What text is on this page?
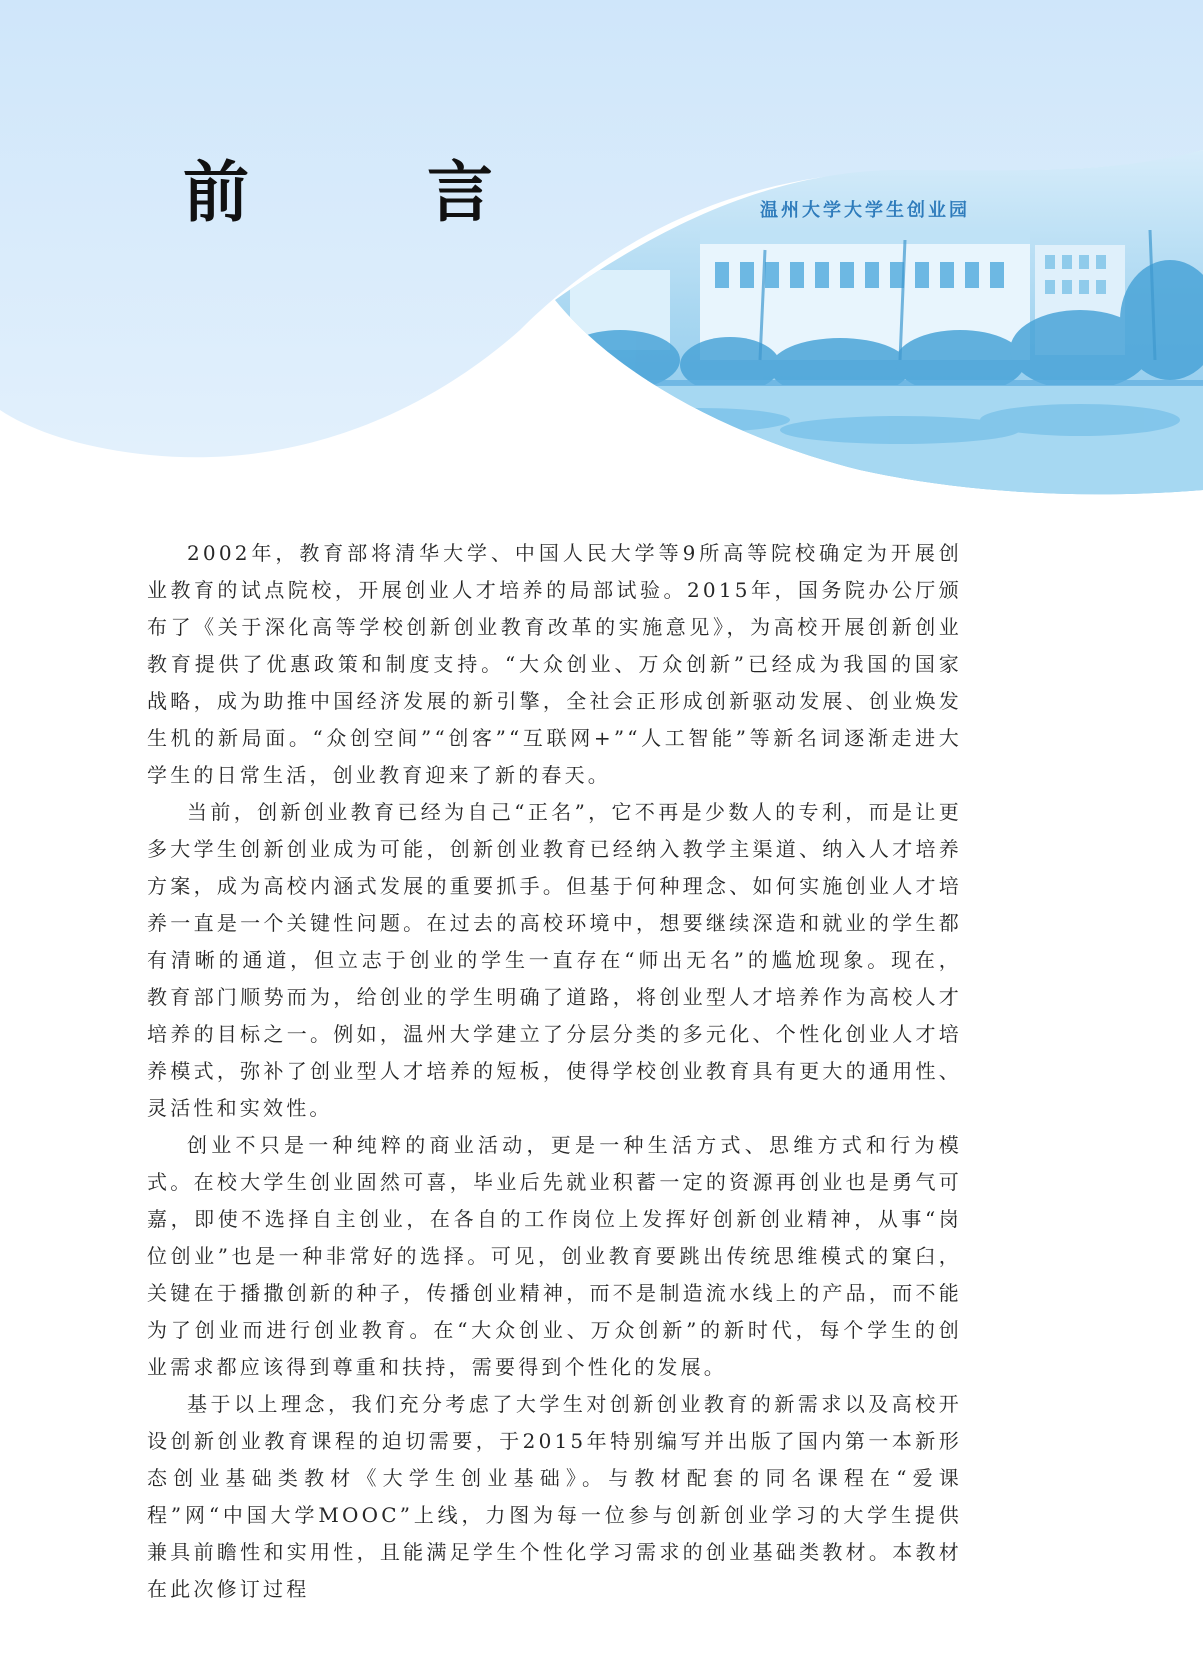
温州大学大学生创业园
前　言

2002年，教育部将清华大学、中国人民大学等9所高等院校确定为开展创业教育的试点院校，开展创业人才培养的局部试验。2015年，国务院办公厅颁布了《关于深化高等学校创新创业教育改革的实施意见》，为高校开展创新创业教育提供了优惠政策和制度支持。“大众创业、万众创新”已经成为我国的国家战略，成为助推中国经济发展的新引擎，全社会正形成创新驱动发展、创业焕发生机的新局面。“众创空间”“创客”“互联网+”“人工智能”等新名词逐渐走进大学生的日常生活，创业教育迎来了新的春天。

当前，创新创业教育已经为自己“正名”，它不再是少数人的专利，而是让更多大学生创新创业成为可能，创新创业教育已经纳入教学主渠道、纳入人才培养方案，成为高校内涵式发展的重要抓手。但基于何种理念、如何实施创业人才培养一直是一个关键性问题。在过去的高校环境中，想要继续深造和就业的学生都有清晰的通道，但立志于创业的学生一直存在“师出无名”的尴尬现象。现在，教育部门顺势而为，给创业的学生明确了道路，将创业型人才培养作为高校人才培养的目标之一。例如，温州大学建立了分层分类的多元化、个性化创业人才培养模式，弥补了创业型人才培养的短板，使得学校创业教育具有更大的通用性、灵活性和实效性。

创业不只是一种纯粹的商业活动，更是一种生活方式、思维方式和行为模式。在校大学生创业固然可喜，毕业后先就业积蓄一定的资源再创业也是勇气可嘉，即使不选择自主创业，在各自的工作岗位上发挥好创新创业精神，从事“岗位创业”也是一种非常好的选择。可见，创业教育要跳出传统思维模式的窠臼，关键在于播撒创新的种子，传播创业精神，而不是制造流水线上的产品，而不能为了创业而进行创业教育。在“大众创业、万众创新”的新时代，每个学生的创业需求都应该得到尊重和扶持，需要得到个性化的发展。

基于以上理念，我们充分考虑了大学生对创新创业教育的新需求以及高校开设创新创业教育课程的迫切需要，于2015年特别编写并出版了国内第一本新形态创业基础类教材《大学生创业基础》。与教材配套的同名课程在“爱课程”网“中国大学MOOC”上线，力图为每一位参与创新创业学习的大学生提供兼具前瞻性和实用性，且能满足学生个性化学习需求的创业基础类教材。本教材在此次修订过程
